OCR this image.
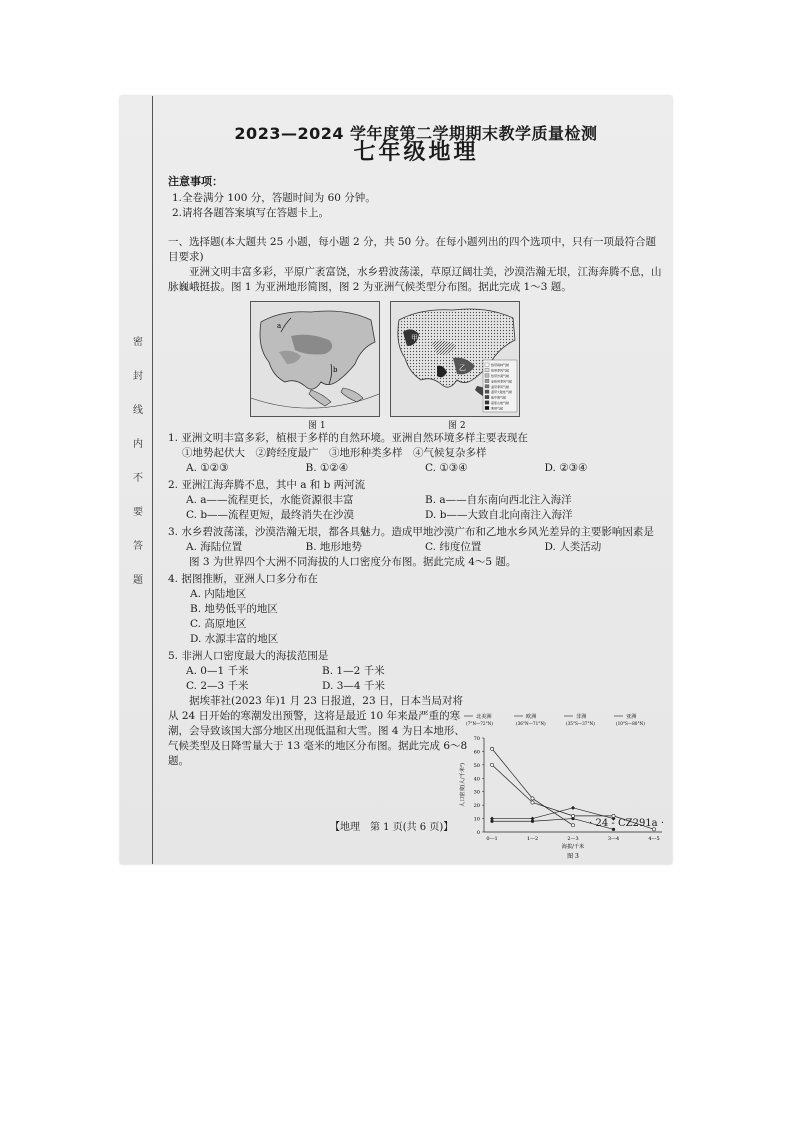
密封线内不要答题
2023—2024 学年度第二学期期末教学质量检测
七年级地理
注意事项：
1.全卷满分 100 分，答题时间为 60 分钟。
2.请将各题答案填写在答题卡上。
一、选择题(本大题共 25 小题，每小题 2 分，共 50 分。在每小题列出的四个选项中，只有一项最符合题目要求)
亚洲文明丰富多彩，平原广袤富饶，水乡碧波荡漾，草原辽阔壮美，沙漠浩瀚无垠，江海奔腾不息，山脉巍峨挺拔。图 1 为亚洲地形简图，图 2 为亚洲气候类型分布图。据此完成 1～3 题。
a
b
图 1
甲
乙	热带雨林气候
热带季风气候
热带沙漠气候
亚热带季风气候
温带季风气候
温带大陆性气候
地中海气候
高原山地气候
寒带气候
图 2
1. 亚洲文明丰富多彩，植根于多样的自然环境。亚洲自然环境多样主要表现在
①地势起伏大　②跨经度最广　③地形种类多样　④气候复杂多样
A. ①②③	B. ①②④	C. ①③④	D. ②③④
2. 亚洲江海奔腾不息，其中 a 和 b 两河流
A. a——流程更长，水能资源很丰富	B. a——自东南向西北注入海洋
C. b——流程更短，最终消失在沙漠	D. b——大致自北向南注入海洋
3. 水乡碧波荡漾，沙漠浩瀚无垠，都各具魅力。造成甲地沙漠广布和乙地水乡风光差异的主要影响因素是
A. 海陆位置	B. 地形地势	C. 纬度位置	D. 人类活动
图 3 为世界四个大洲不同海拔的人口密度分布图。据此完成 4～5 题。
4. 据图推断，亚洲人口多分布在
A. 内陆地区
B. 地势低平的地区
C. 高原地区
D. 水源丰富的地区
5. 非洲人口密度最大的海拔范围是
A. 0—1 千米	B. 1—2 千米
C. 2—3 千米	D. 3—4 千米
据埃菲社(2023 年)1 月 23 日报道，23 日，日本当局对将从 24 日开始的寒潮发出预警，这将是最近 10 年来最严重的寒潮，会导致该国大部分地区出现低温和大雪。图 4 为日本地形、气候类型及日降雪量大于 13 毫米的地区分布图。据此完成 6～8 题。
北美洲
(7°N—72°N)
欧洲
(36°N—71°N)
非洲
(35°S—37°N)
亚洲
(10°S—80°N)
0
10
20
30
40
50
60
70
0—1	1—2	2—3	3—4	4—5
海拔/千米
人口密度(人/千米²)
图 3
【地理　第 1 页(共 6 页)】	· 24 - CZ291a ·
